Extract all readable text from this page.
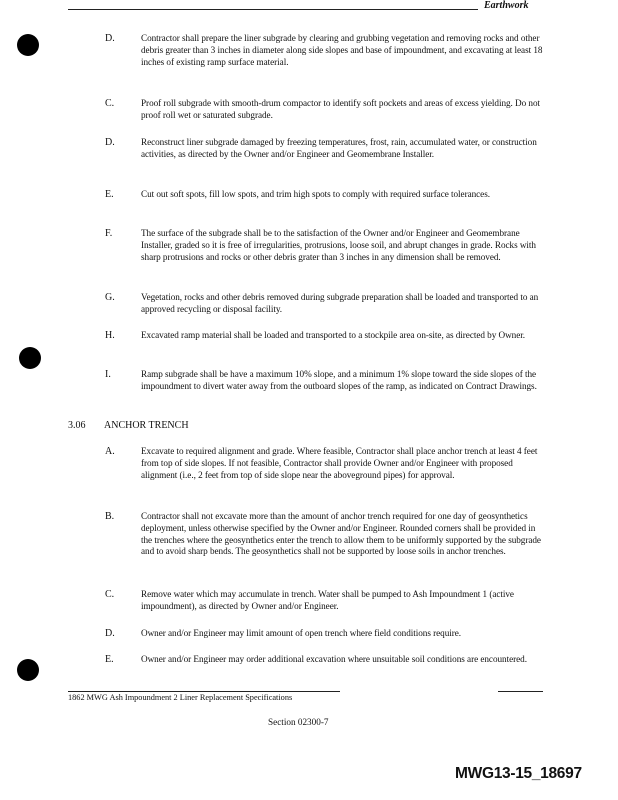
Earthwork
D.	Contractor shall prepare the liner subgrade by clearing and grubbing vegetation and removing rocks and other debris greater than 3 inches in diameter along side slopes and base of impoundment, and excavating at least 18 inches of existing ramp surface material.
C.	Proof roll subgrade with smooth-drum compactor to identify soft pockets and areas of excess yielding. Do not proof roll wet or saturated subgrade.
D.	Reconstruct liner subgrade damaged by freezing temperatures, frost, rain, accumulated water, or construction activities, as directed by the Owner and/or Engineer and Geomembrane Installer.
E.	Cut out soft spots, fill low spots, and trim high spots to comply with required surface tolerances.
F.	The surface of the subgrade shall be to the satisfaction of the Owner and/or Engineer and Geomembrane Installer, graded so it is free of irregularities, protrusions, loose soil, and abrupt changes in grade. Rocks with sharp protrusions and rocks or other debris grater than 3 inches in any dimension shall be removed.
G.	Vegetation, rocks and other debris removed during subgrade preparation shall be loaded and transported to an approved recycling or disposal facility.
H.	Excavated ramp material shall be loaded and transported to a stockpile area on-site, as directed by Owner.
I.	Ramp subgrade shall be have a maximum 10% slope, and a minimum 1% slope toward the side slopes of the impoundment to divert water away from the outboard slopes of the ramp, as indicated on Contract Drawings.
3.06 ANCHOR TRENCH
A.	Excavate to required alignment and grade. Where feasible, Contractor shall place anchor trench at least 4 feet from top of side slopes. If not feasible, Contractor shall provide Owner and/or Engineer with proposed alignment (i.e., 2 feet from top of side slope near the aboveground pipes) for approval.
B.	Contractor shall not excavate more than the amount of anchor trench required for one day of geosynthetics deployment, unless otherwise specified by the Owner and/or Engineer. Rounded corners shall be provided in the trenches where the geosynthetics enter the trench to allow them to be uniformly supported by the subgrade and to avoid sharp bends. The geosynthetics shall not be supported by loose soils in anchor trenches.
C.	Remove water which may accumulate in trench. Water shall be pumped to Ash Impoundment 1 (active impoundment), as directed by Owner and/or Engineer.
D.	Owner and/or Engineer may limit amount of open trench where field conditions require.
E.	Owner and/or Engineer may order additional excavation where unsuitable soil conditions are encountered.
1862 MWG Ash Impoundment 2 Liner Replacement Specifications
Section 02300-7
MWG13-15_18697
